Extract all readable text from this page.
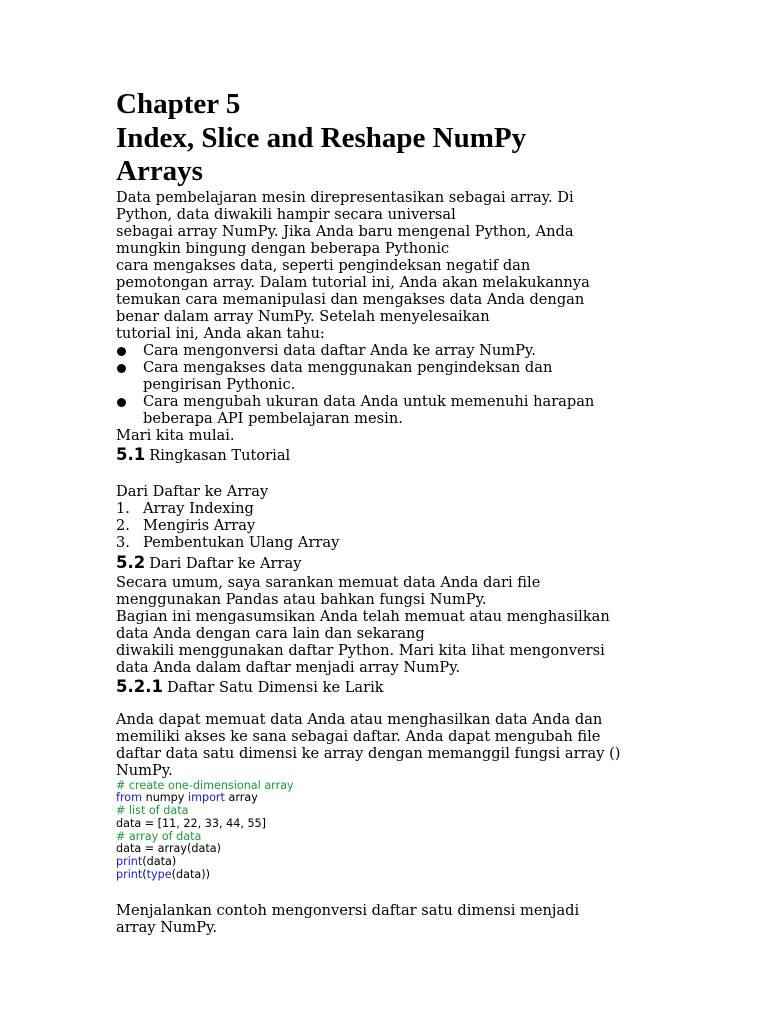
Chapter 5

Index, Slice and Reshape NumPy

Arrays

Data pembelajaran mesin direpresentasikan sebagai array. Di

Python, data diwakili hampir secara universal

sebagai array NumPy. Jika Anda baru mengenal Python, Anda

mungkin bingung dengan beberapa Pythonic

cara mengakses data, seperti pengindeksan negatif dan

pemotongan array. Dalam tutorial ini, Anda akan melakukannya

temukan cara memanipulasi dan mengakses data Anda dengan

benar dalam array NumPy. Setelah menyelesaikan

tutorial ini, Anda akan tahu:

Cara mengonversi data daftar Anda ke array NumPy.
Cara mengakses data menggunakan pengindeksan dan
pengirisan Pythonic.
Cara mengubah ukuran data Anda untuk memenuhi harapan
beberapa API pembelajaran mesin.

Mari kita mulai.

5.1 Ringkasan Tutorial

Dari Daftar ke Array

1. Array Indexing
2. Mengiris Array
3. Pembentukan Ulang Array

5.2 Dari Daftar ke Array

Secara umum, saya sarankan memuat data Anda dari file

menggunakan Pandas atau bahkan fungsi NumPy.

Bagian ini mengasumsikan Anda telah memuat atau menghasilkan

data Anda dengan cara lain dan sekarang

diwakili menggunakan daftar Python. Mari kita lihat mengonversi

data Anda dalam daftar menjadi array NumPy.

5.2.1 Daftar Satu Dimensi ke Larik

Anda dapat memuat data Anda atau menghasilkan data Anda dan

memiliki akses ke sana sebagai daftar. Anda dapat mengubah file

daftar data satu dimensi ke array dengan memanggil fungsi array ()

NumPy.

# create one-dimensional array

from numpy import array

# list of data

data = [11, 22, 33, 44, 55]

# array of data

data = array(data)

print(data)

print(type(data))

Menjalankan contoh mengonversi daftar satu dimensi menjadi

array NumPy.
